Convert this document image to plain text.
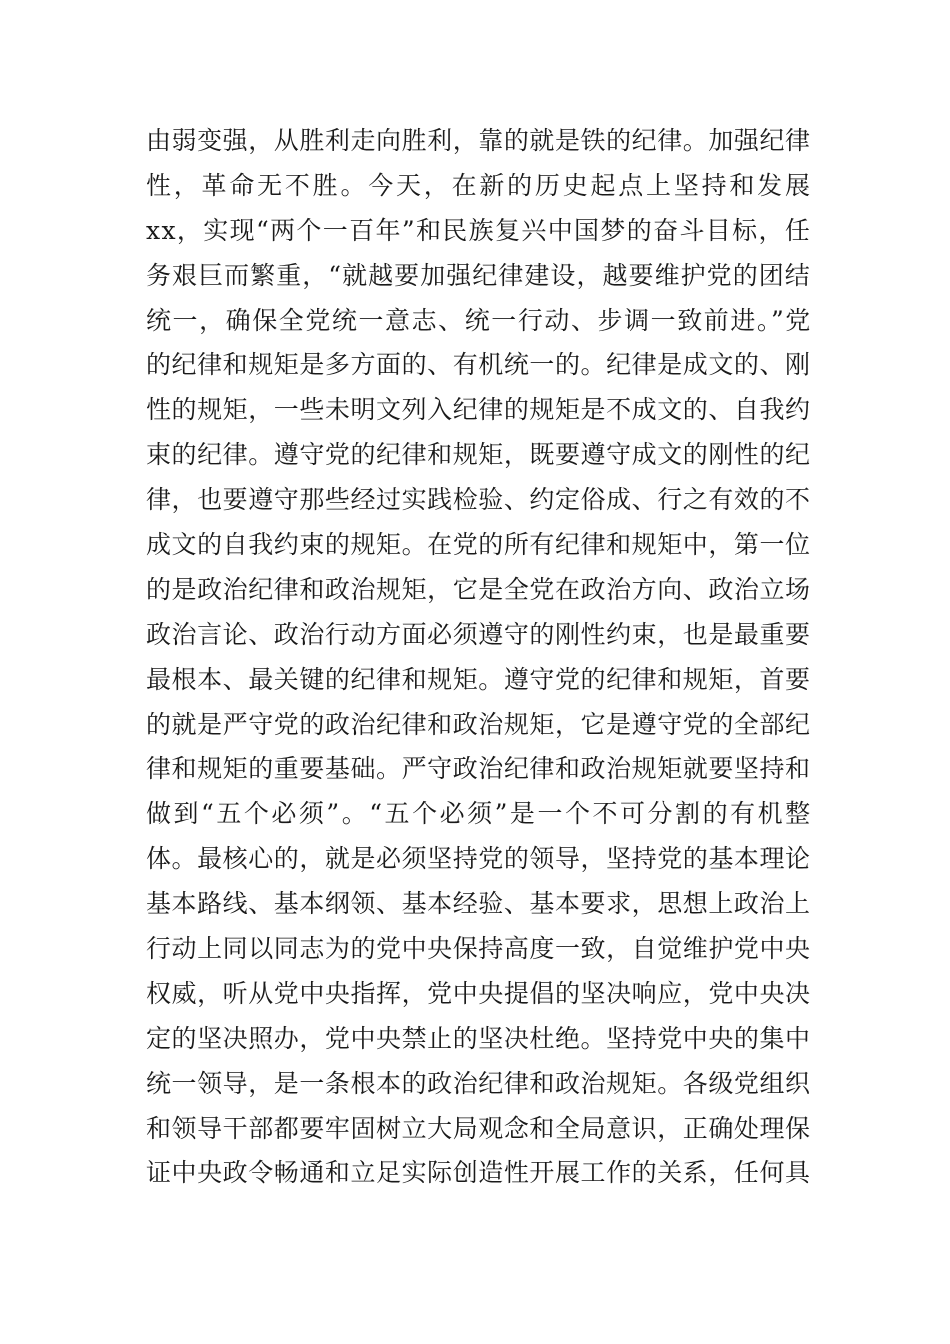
由弱变强，从胜利走向胜利，靠的就是铁的纪律。加强纪律
性，革命无不胜。今天，在新的历史起点上坚持和发展
xx，实现“两个一百年”和民族复兴中国梦的奋斗目标，任
务艰巨而繁重，“就越要加强纪律建设，越要维护党的团结
统一，确保全党统一意志、统一行动、步调一致前进。”党
的纪律和规矩是多方面的、有机统一的。纪律是成文的、刚
性的规矩，一些未明文列入纪律的规矩是不成文的、自我约
束的纪律。遵守党的纪律和规矩，既要遵守成文的刚性的纪
律，也要遵守那些经过实践检验、约定俗成、行之有效的不
成文的自我约束的规矩。在党的所有纪律和规矩中，第一位
的是政治纪律和政治规矩，它是全党在政治方向、政治立场
政治言论、政治行动方面必须遵守的刚性约束，也是最重要
最根本、最关键的纪律和规矩。遵守党的纪律和规矩，首要
的就是严守党的政治纪律和政治规矩，它是遵守党的全部纪
律和规矩的重要基础。严守政治纪律和政治规矩就要坚持和
做到“五个必须”。“五个必须”是一个不可分割的有机整
体。最核心的，就是必须坚持党的领导，坚持党的基本理论
基本路线、基本纲领、基本经验、基本要求，思想上政治上
行动上同以同志为的党中央保持高度一致，自觉维护党中央
权威，听从党中央指挥，党中央提倡的坚决响应，党中央决
定的坚决照办，党中央禁止的坚决杜绝。坚持党中央的集中
统一领导，是一条根本的政治纪律和政治规矩。各级党组织
和领导干部都要牢固树立大局观念和全局意识，正确处理保
证中央政令畅通和立足实际创造性开展工作的关系，任何具
